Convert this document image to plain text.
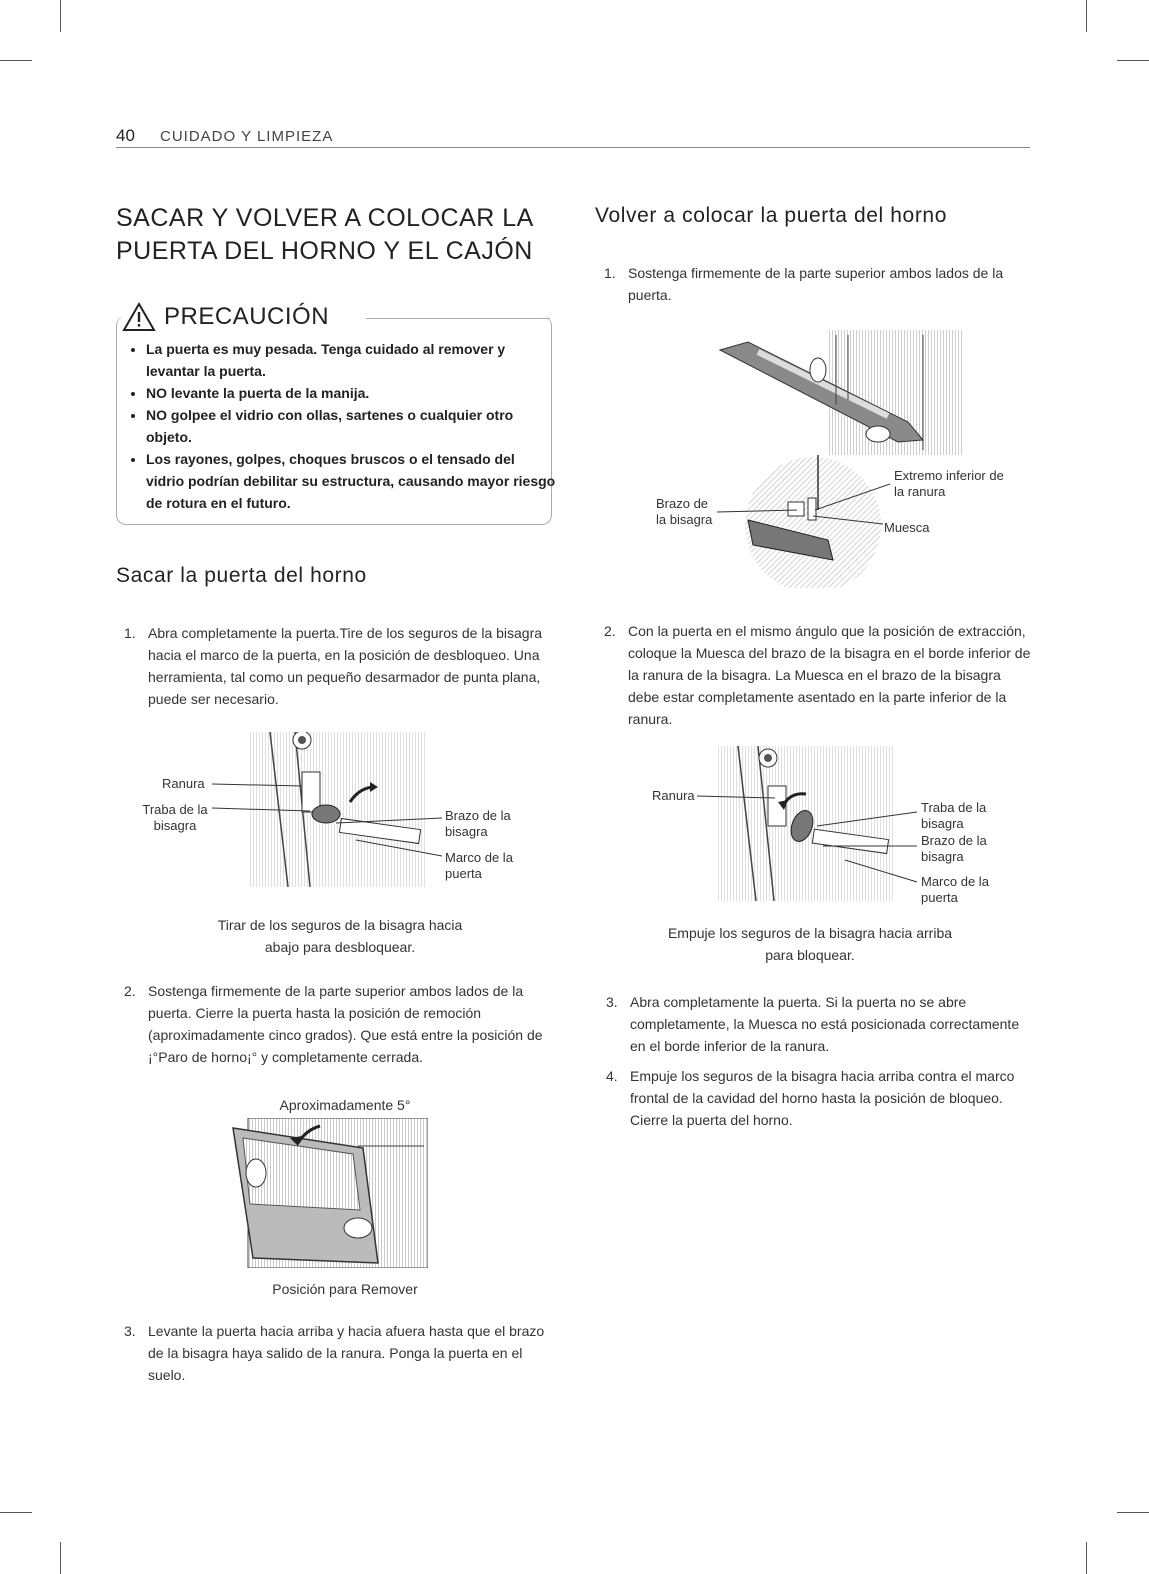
40 CUIDADO Y LIMPIEZA
SACAR Y VOLVER A COLOCAR LA
PUERTA DEL HORNO Y EL CAJÓN
PRECAUCIÓN
• La puerta es muy pesada. Tenga cuidado al remover y levantar la puerta.
• NO levante la puerta de la manija.
• NO golpee el vidrio con ollas, sartenes o cualquier otro objeto.
• Los rayones, golpes, choques bruscos o el tensado del vidrio podrían debilitar su estructura, causando mayor riesgo de rotura en el futuro.
Sacar la puerta del horno
1. Abra completamente la puerta.Tire de los seguros de la bisagra hacia el marco de la puerta, en la posición de desbloqueo. Una herramienta, tal como un pequeño desarmador de punta plana, puede ser necesario.
Ranura
Traba de la bisagra
Brazo de la bisagra
Marco de la puerta
Tirar de los seguros de la bisagra hacia
abajo para desbloquear.
2. Sostenga firmemente de la parte superior ambos lados de la puerta. Cierre la puerta hasta la posición de remoción (aproximadamente cinco grados). Que está entre la posición de ¡°Paro de horno¡° y completamente cerrada.
Aproximadamente 5°
Posición para Remover
3. Levante la puerta hacia arriba y hacia afuera hasta que el brazo de la bisagra haya salido de la ranura. Ponga la puerta en el suelo.
Volver a colocar la puerta del horno
1. Sostenga firmemente de la parte superior ambos lados de la puerta.
Extremo inferior de la ranura
Brazo de la bisagra
Muesca
2. Con la puerta en el mismo ángulo que la posición de extracción, coloque la Muesca del brazo de la bisagra en el borde inferior de la ranura de la bisagra. La Muesca en el brazo de la bisagra debe estar completamente asentado en la parte inferior de la ranura.
Ranura
Traba de la bisagra
Brazo de la bisagra
Marco de la puerta
Empuje los seguros de la bisagra hacia arriba
para bloquear.
3. Abra completamente la puerta. Si la puerta no se abre completamente, la Muesca no está posicionada correctamente en el borde inferior de la ranura.
4. Empuje los seguros de la bisagra hacia arriba contra el marco frontal de la cavidad del horno hasta la posición de bloqueo. Cierre la puerta del horno.
